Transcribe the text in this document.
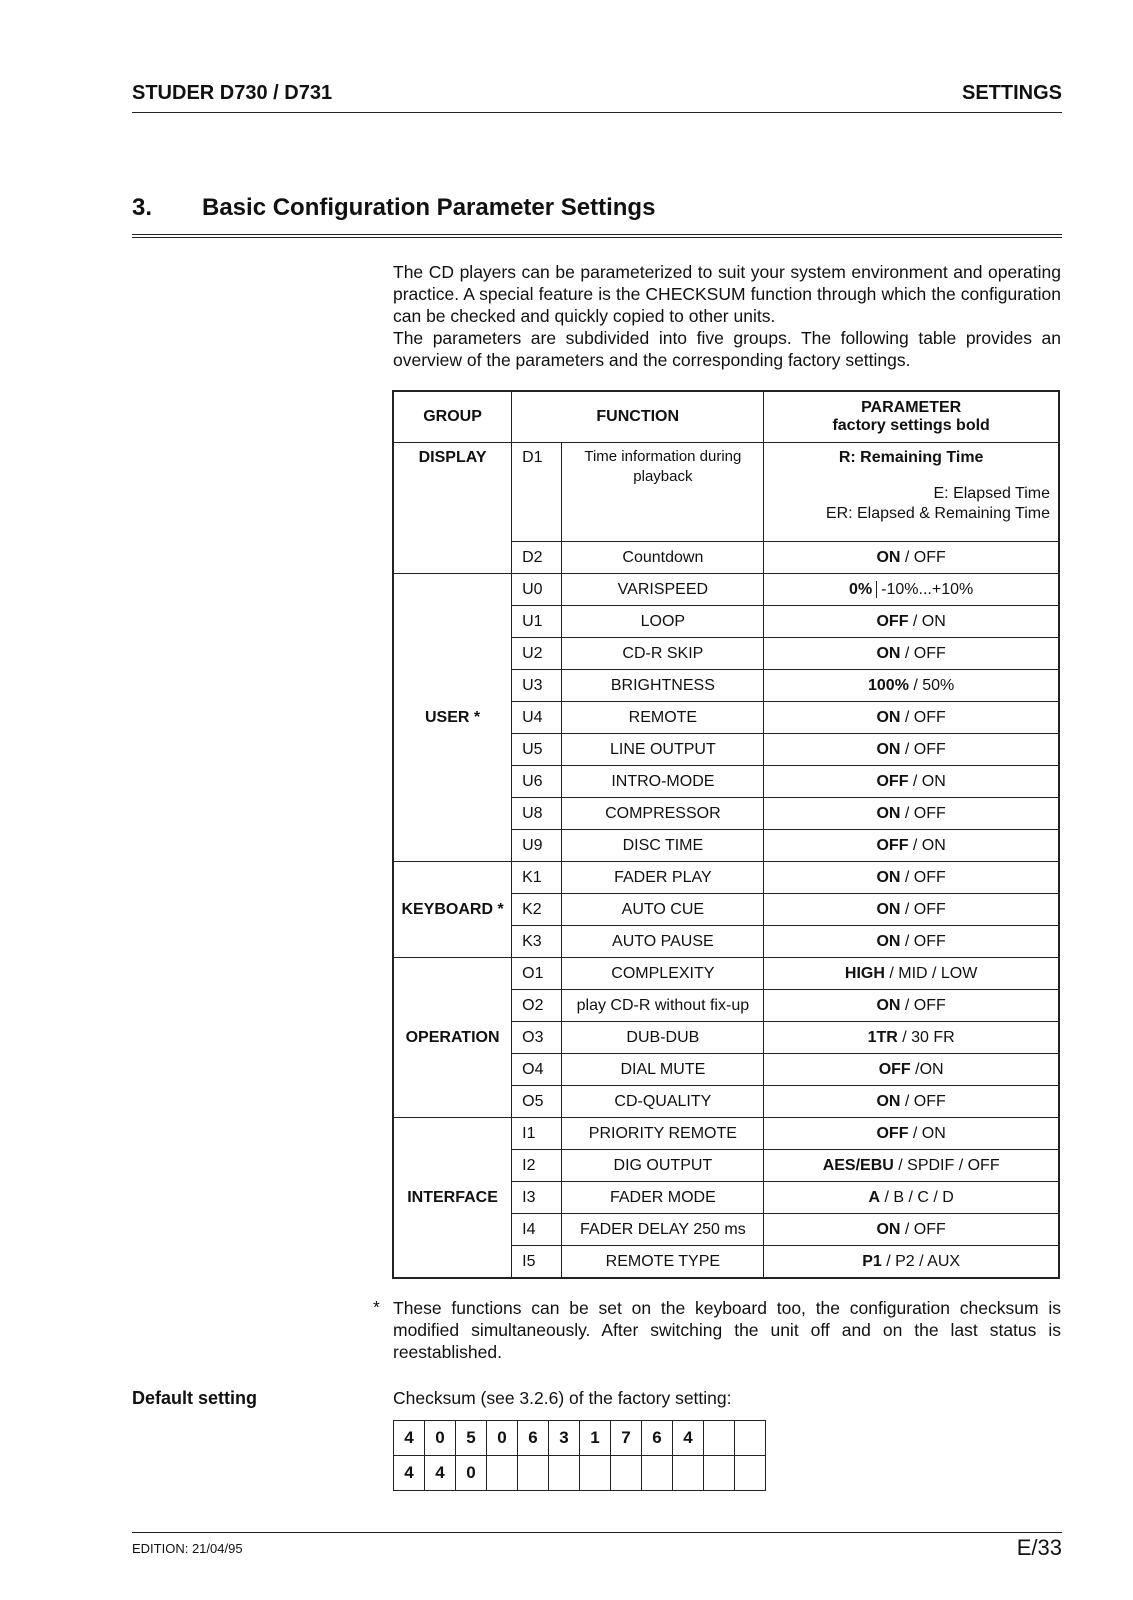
STUDER D730 / D731	SETTINGS
3. Basic Configuration Parameter Settings

The CD players can be parameterized to suit your system environment and operating practice. A special feature is the CHECKSUM function through which the configuration can be checked and quickly copied to other units.

The parameters are subdivided into five groups. The following table provides an overview of the parameters and the corresponding factory settings.

GROUP	FUNCTION		PARAMETER
factory settings bold

DISPLAY	D1	Time information during playback	R: Remaining Time
E: Elapsed Time
ER: Elapsed & Remaining Time

	D2	Countdown	ON / OFF
USER *	U0	VARISPEED	0% -10%...+10%
	U1	LOOP	OFF / ON
	U2	CD-R SKIP	ON / OFF
	U3	BRIGHTNESS	100% / 50%
	U4	REMOTE	ON / OFF
	U5	LINE OUTPUT	ON / OFF
	U6	INTRO-MODE	OFF / ON
	U8	COMPRESSOR	ON / OFF
	U9	DISC TIME	OFF / ON
KEYBOARD *	K1	FADER PLAY	ON / OFF
	K2	AUTO CUE	ON / OFF
	K3	AUTO PAUSE	ON / OFF
OPERATION	O1	COMPLEXITY	HIGH / MID / LOW
	O2	play CD-R without fix-up	ON / OFF
	O3	DUB-DUB	1TR / 30 FR
	O4	DIAL MUTE	OFF /ON
	O5	CD-QUALITY	ON / OFF
INTERFACE	I1	PRIORITY REMOTE	OFF / ON
	I2	DIG OUTPUT	AES/EBU / SPDIF / OFF
	I3	FADER MODE	A / B / C / D
	I4	FADER DELAY 250 ms	ON / OFF
	I5	REMOTE TYPE	P1 / P2 / AUX
* These functions can be set on the keyboard too, the configuration checksum is modified simultaneously. After switching the unit off and on the last status is reestablished.

Default setting	Checksum (see 3.2.6) of the factory setting:
4	0	5	0	6	3	1	7	6	4		
4	4	0									
EDITION: 21/04/95	E/33
